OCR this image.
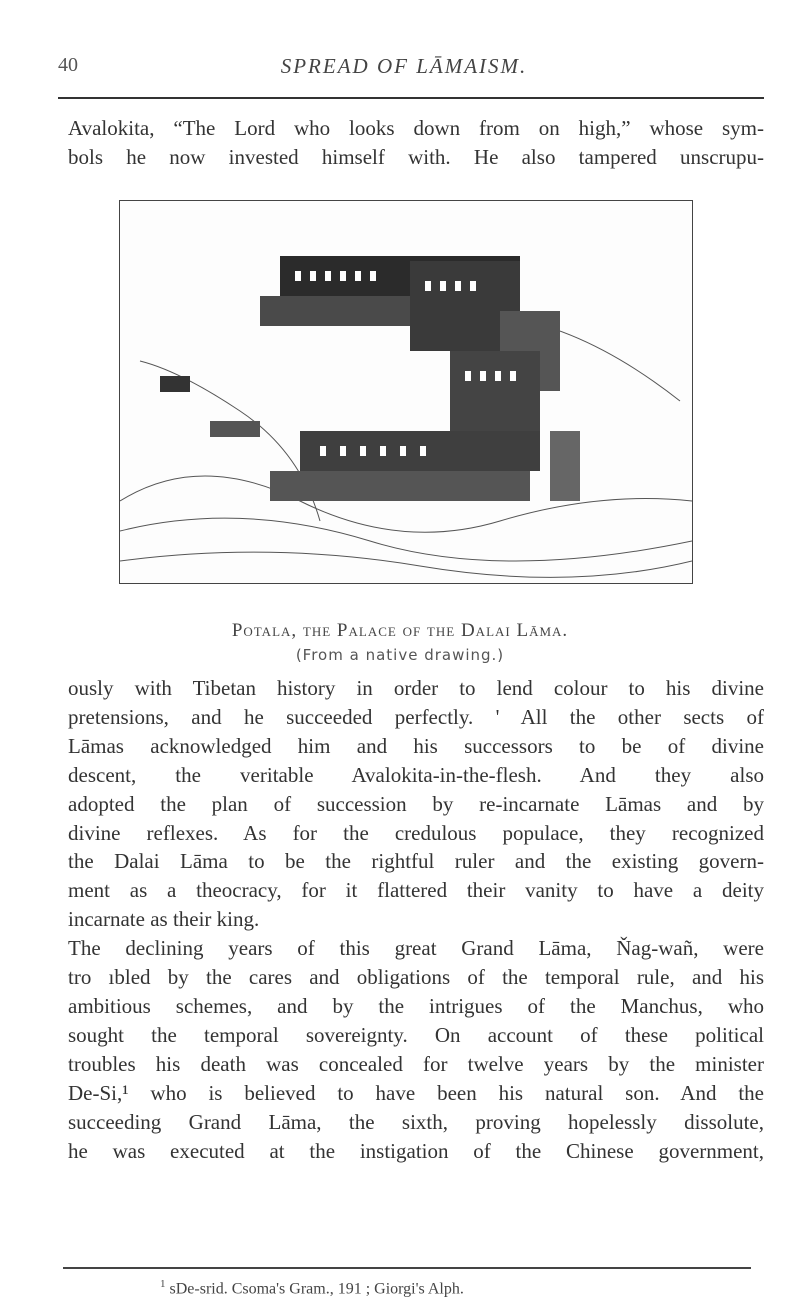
40	SPREAD OF LĀMAISM.
Avalokita, “The Lord who looks down from on high,” whose sym-
bols he now invested himself with. He also tampered unscrupu-
Potala, the Palace of the Dalai Lāma.
(From a native drawing.)
ously with Tibetan history in order to lend colour to his divine
pretensions, and he succeeded perfectly. ' All the other sects of
Lāmas acknowledged him and his successors to be of divine
descent, the veritable Avalokita-in-the-flesh. And they also
adopted the plan of succession by re-incarnate Lāmas and by
divine reflexes. As for the credulous populace, they recognized
the Dalai Lāma to be the rightful ruler and the existing govern-
ment as a theocracy, for it flattered their vanity to have a deity
incarnate as their king.
The declining years of this great Grand Lāma, Ňag-wañ, were
tro ıbled by the cares and obligations of the temporal rule, and his
ambitious schemes, and by the intrigues of the Manchus, who
sought the temporal sovereignty. On account of these political
troubles his death was concealed for twelve years by the minister
De-Si,¹ who is believed to have been his natural son. And the
succeeding Grand Lāma, the sixth, proving hopelessly dissolute,
he was executed at the instigation of the Chinese government,
$^1$ sDe-srid. Csoma's Gram., 191 ; Giorgi's Alph.
